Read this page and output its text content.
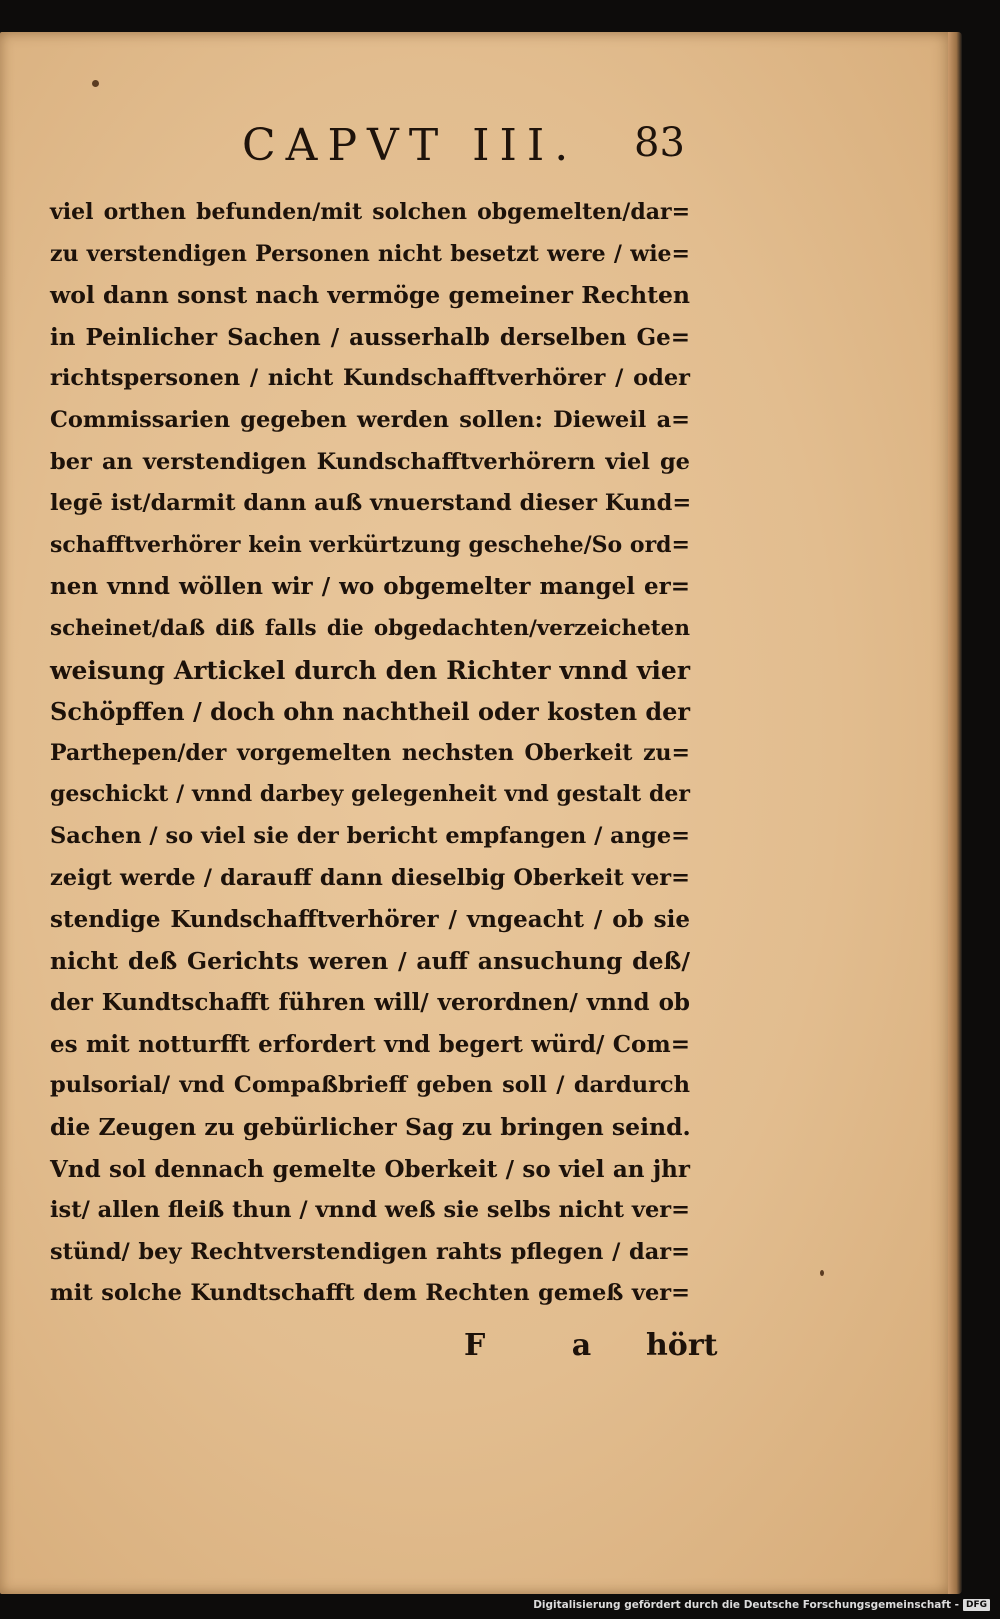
CAPVT III. 83
viel orthen befunden/mit solchen obgemelten/dar=
zu verstendigen Personen nicht besetzt were / wie=
wol dann sonst nach vermöge gemeiner Rechten
in Peinlicher Sachen / ausserhalb derselben Ge=
richtspersonen / nicht Kundschafftverhörer / oder
Commissarien gegeben werden sollen: Dieweil a=
ber an verstendigen Kundschafftverhörern viel ge
legē ist/darmit dann auß vnuerstand dieser Kund=
schafftverhörer kein verkürtzung geschehe/So ord=
nen vnnd wöllen wir / wo obgemelter mangel er=
scheinet/daß diß falls die obgedachten/verzeicheten
weisung Artickel durch den Richter vnnd vier
Schöpffen / doch ohn nachtheil oder kosten der
Parthepen/der vorgemelten nechsten Oberkeit zu=
geschickt / vnnd darbey gelegenheit vnd gestalt der
Sachen / so viel sie der bericht empfangen / ange=
zeigt werde / darauff dann dieselbig Oberkeit ver=
stendige Kundschafftverhörer / vngeacht / ob sie
nicht deß Gerichts weren / auff ansuchung deß/
der Kundtschafft führen will/ verordnen/ vnnd ob
es mit notturfft erfordert vnd begert würd/ Com=
pulsorial/ vnd Compaßbrieff geben soll / dardurch
die Zeugen zu gebürlicher Sag zu bringen seind.
Vnd sol dennach gemelte Oberkeit / so viel an jhr
ist/ allen fleiß thun / vnnd weß sie selbs nicht ver=
stünd/ bey Rechtverstendigen rahts pflegen / dar=
mit solche Kundtschafft dem Rechten gemeß ver=
F a hört
Digitalisierung gefördert durch die Deutsche Forschungsgemeinschaft - DFG
